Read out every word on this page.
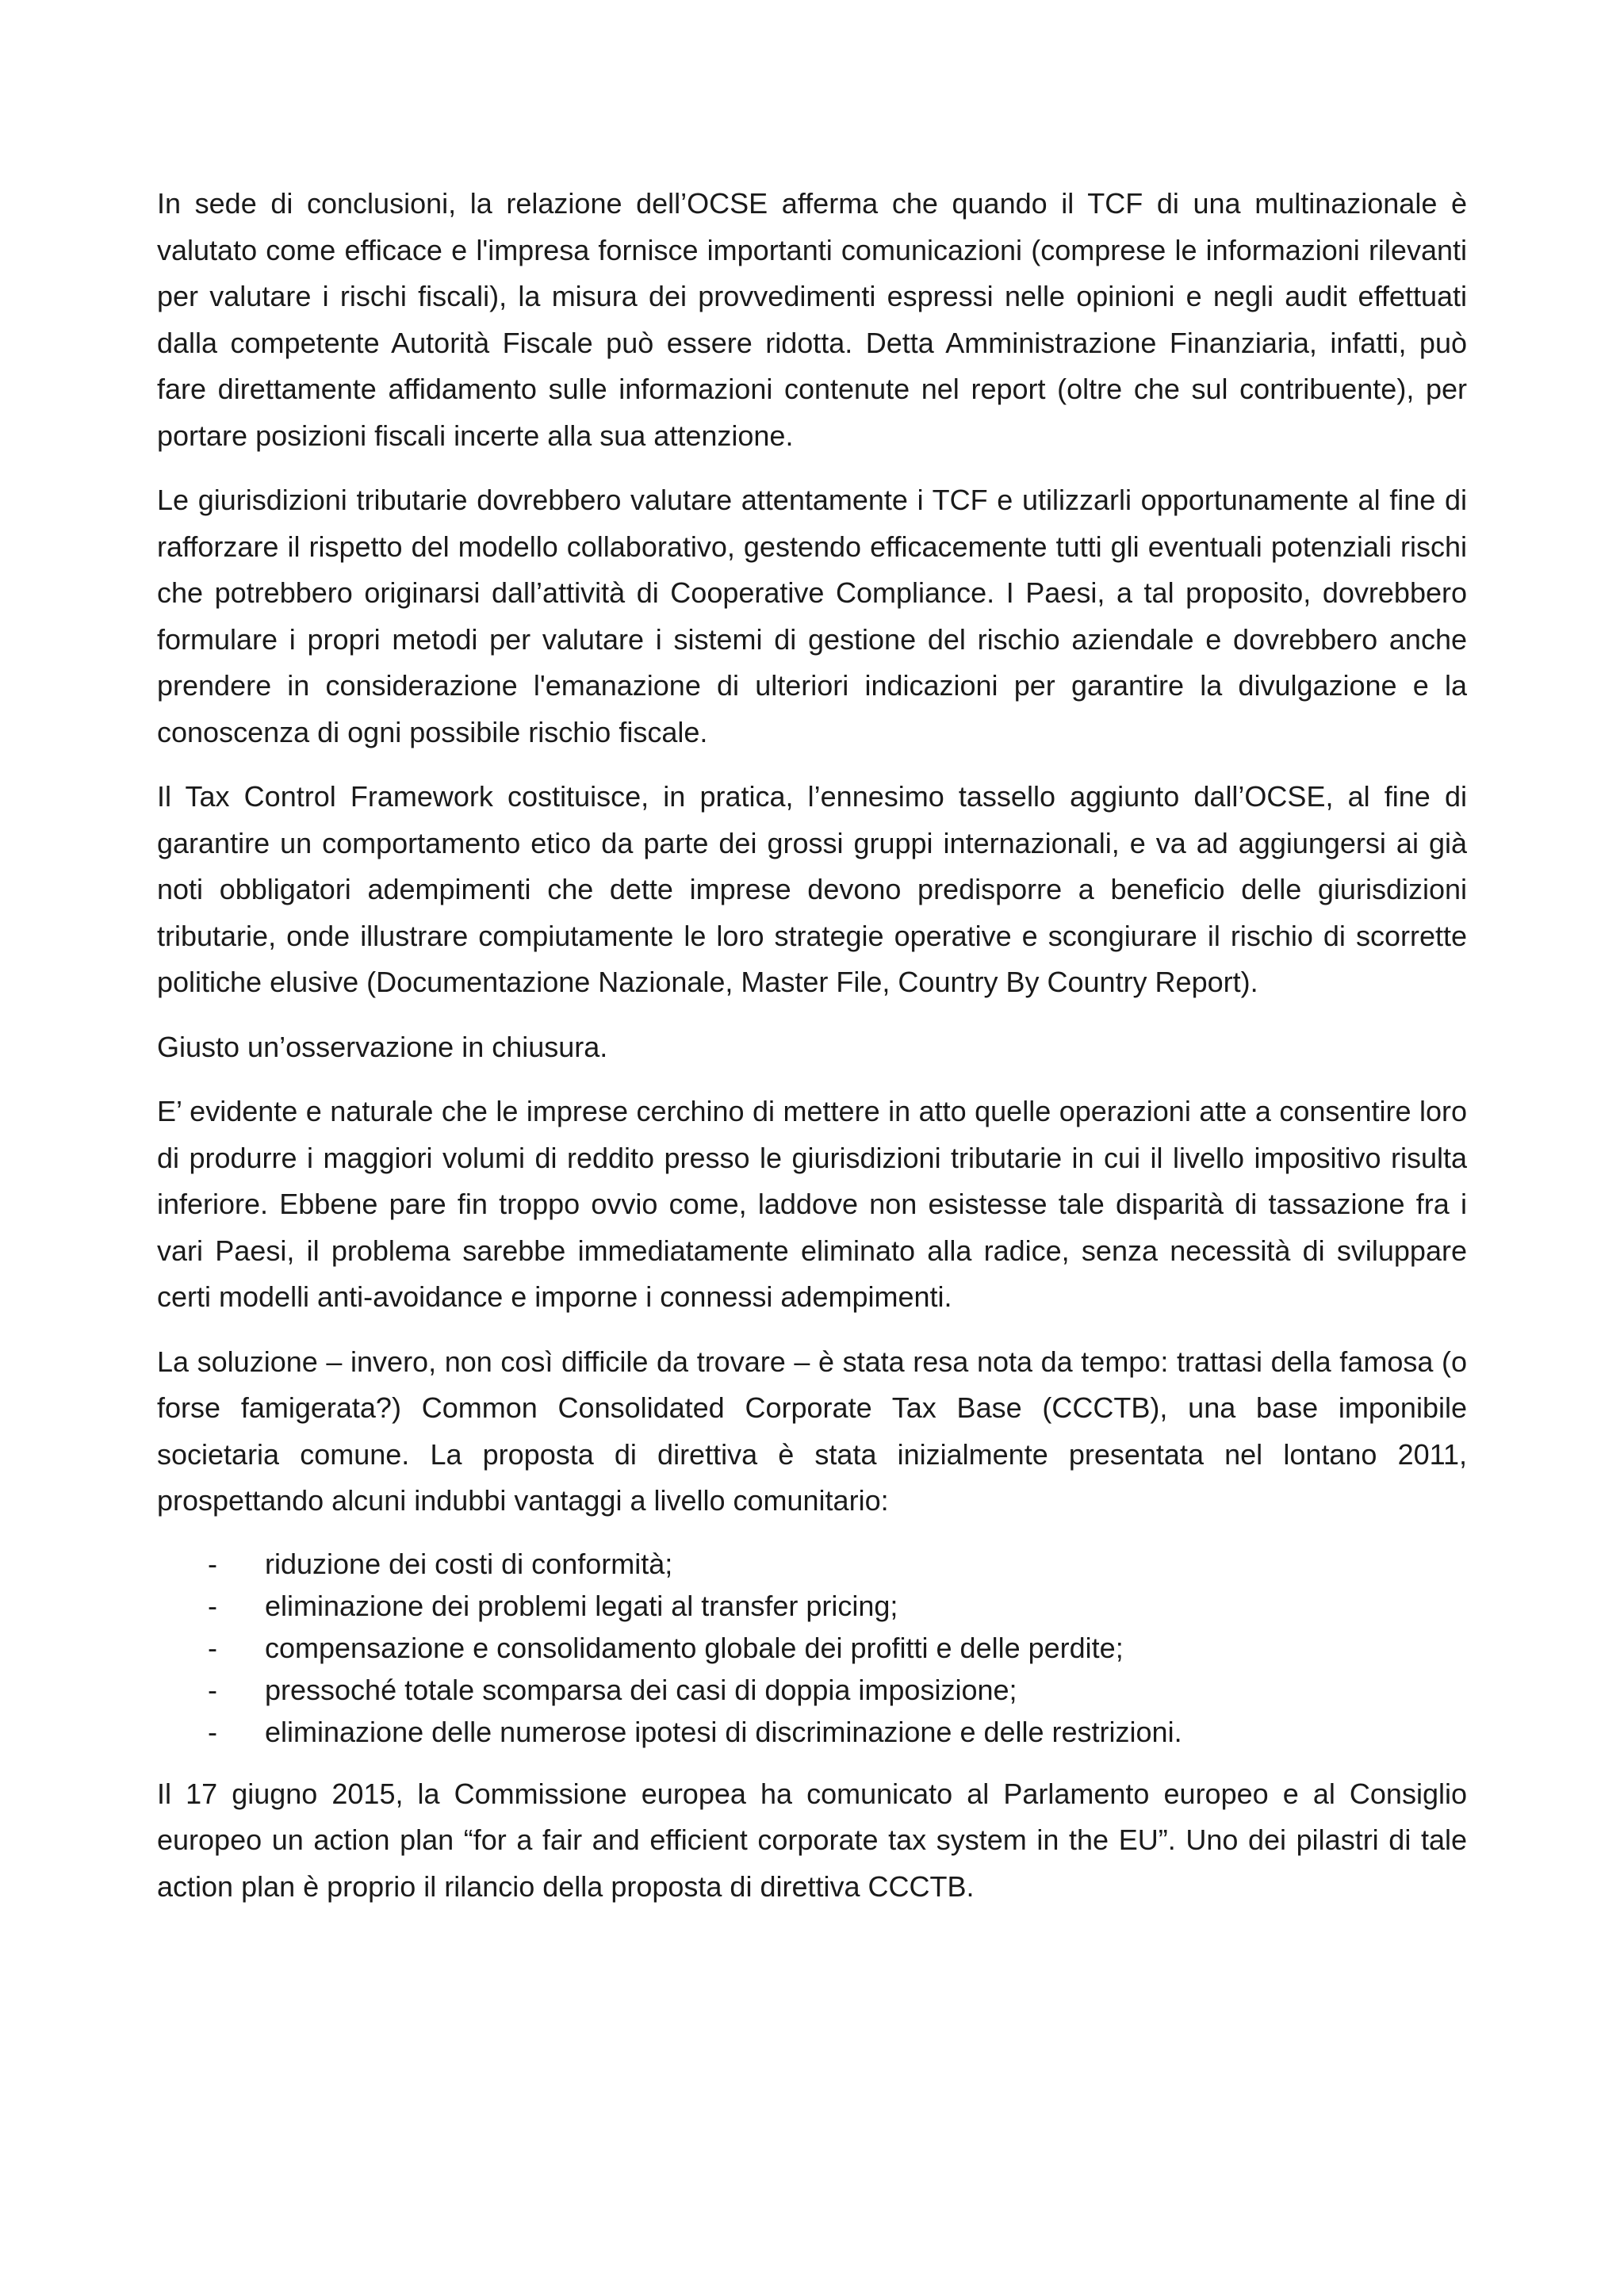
In sede di conclusioni, la relazione dell’OCSE afferma che quando il TCF di una multinazionale è valutato come efficace e l'impresa fornisce importanti comunicazioni (comprese le informazioni rilevanti per valutare i rischi fiscali), la misura dei provvedimenti espressi nelle opinioni e negli audit effettuati dalla competente Autorità Fiscale può essere ridotta. Detta Amministrazione Finanziaria, infatti, può fare direttamente affidamento sulle informazioni contenute nel report (oltre che sul contribuente), per portare posizioni fiscali incerte alla sua attenzione.

Le giurisdizioni tributarie dovrebbero valutare attentamente i TCF e utilizzarli opportunamente al fine di rafforzare il rispetto del modello collaborativo, gestendo efficacemente tutti gli eventuali potenziali rischi che potrebbero originarsi dall’attività di Cooperative Compliance. I Paesi, a tal proposito, dovrebbero formulare i propri metodi per valutare i sistemi di gestione del rischio aziendale e dovrebbero anche prendere in considerazione l'emanazione di ulteriori indicazioni per garantire la divulgazione e la conoscenza di ogni possibile rischio fiscale.

Il Tax Control Framework costituisce, in pratica, l’ennesimo tassello aggiunto dall’OCSE, al fine di garantire un comportamento etico da parte dei grossi gruppi internazionali, e va ad aggiungersi ai già noti obbligatori adempimenti che dette imprese devono predisporre a beneficio delle giurisdizioni tributarie, onde illustrare compiutamente le loro strategie operative e scongiurare il rischio di scorrette politiche elusive (Documentazione Nazionale, Master File, Country By Country Report).

Giusto un’osservazione in chiusura.

E’ evidente e naturale che le imprese cerchino di mettere in atto quelle operazioni atte a consentire loro di produrre i maggiori volumi di reddito presso le giurisdizioni tributarie in cui il livello impositivo risulta inferiore. Ebbene pare fin troppo ovvio come, laddove non esistesse tale disparità di tassazione fra i vari Paesi, il problema sarebbe immediatamente eliminato alla radice, senza necessità di sviluppare certi modelli anti-avoidance e imporne i connessi adempimenti.

La soluzione – invero, non così difficile da trovare – è stata resa nota da tempo: trattasi della famosa (o forse famigerata?) Common Consolidated Corporate Tax Base (CCCTB), una base imponibile societaria comune. La proposta di direttiva è stata inizialmente presentata nel lontano 2011, prospettando alcuni indubbi vantaggi a livello comunitario:

-	riduzione dei costi di conformità;
-	eliminazione dei problemi legati al transfer pricing;
-	compensazione e consolidamento globale dei profitti e delle perdite;
-	pressoché totale scomparsa dei casi di doppia imposizione;
-	eliminazione delle numerose ipotesi di discriminazione e delle restrizioni.

Il 17 giugno 2015, la Commissione europea ha comunicato al Parlamento europeo e al Consiglio europeo un action plan “for a fair and efficient corporate tax system in the EU”. Uno dei pilastri di tale action plan è proprio il rilancio della proposta di direttiva CCCTB.
